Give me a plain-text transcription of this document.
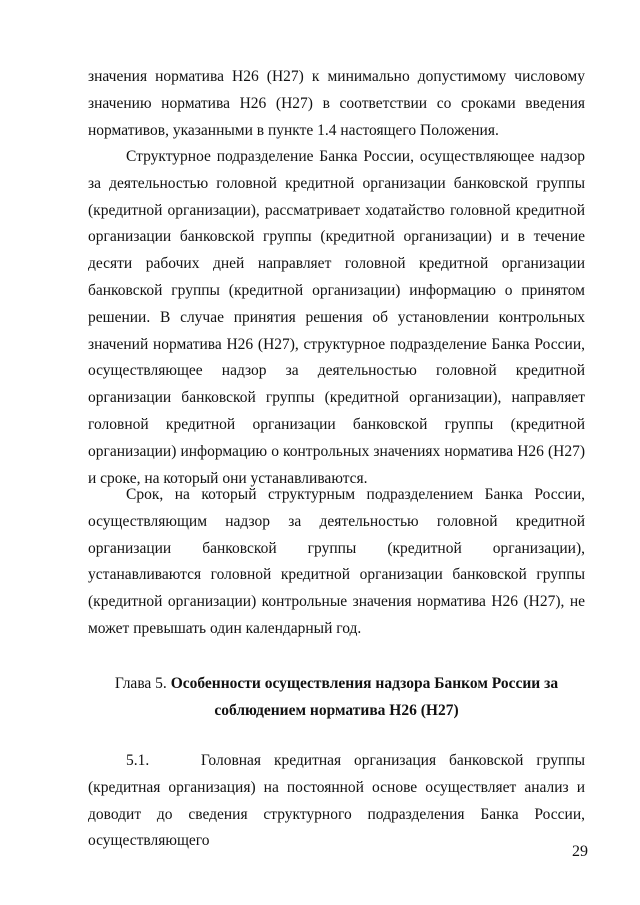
значения норматива Н26 (Н27) к минимально допустимому числовому значению норматива Н26 (Н27) в соответствии со сроками введения нормативов, указанными в пункте 1.4 настоящего Положения.

Структурное подразделение Банка России, осуществляющее надзор за деятельностью головной кредитной организации банковской группы (кредитной организации), рассматривает ходатайство головной кредитной организации банковской группы (кредитной организации) и в течение десяти рабочих дней направляет головной кредитной организации банковской группы (кредитной организации) информацию о принятом решении. В случае принятия решения об установлении контрольных значений норматива Н26 (Н27), структурное подразделение Банка России, осуществляющее надзор за деятельностью головной кредитной организации банковской группы (кредитной организации), направляет головной кредитной организации банковской группы (кредитной организации) информацию о контрольных значениях норматива Н26 (Н27) и сроке, на который они устанавливаются.

Срок, на который структурным подразделением Банка России, осуществляющим надзор за деятельностью головной кредитной организации банковской группы (кредитной организации), устанавливаются головной кредитной организации банковской группы (кредитной организации) контрольные значения норматива Н26 (Н27), не может превышать один календарный год.

Глава 5. Особенности осуществления надзора Банком России за соблюдением норматива Н26 (Н27)

5.1.	Головная кредитная организация банковской группы (кредитная организация) на постоянной основе осуществляет анализ и доводит до сведения структурного подразделения Банка России, осуществляющего

29
